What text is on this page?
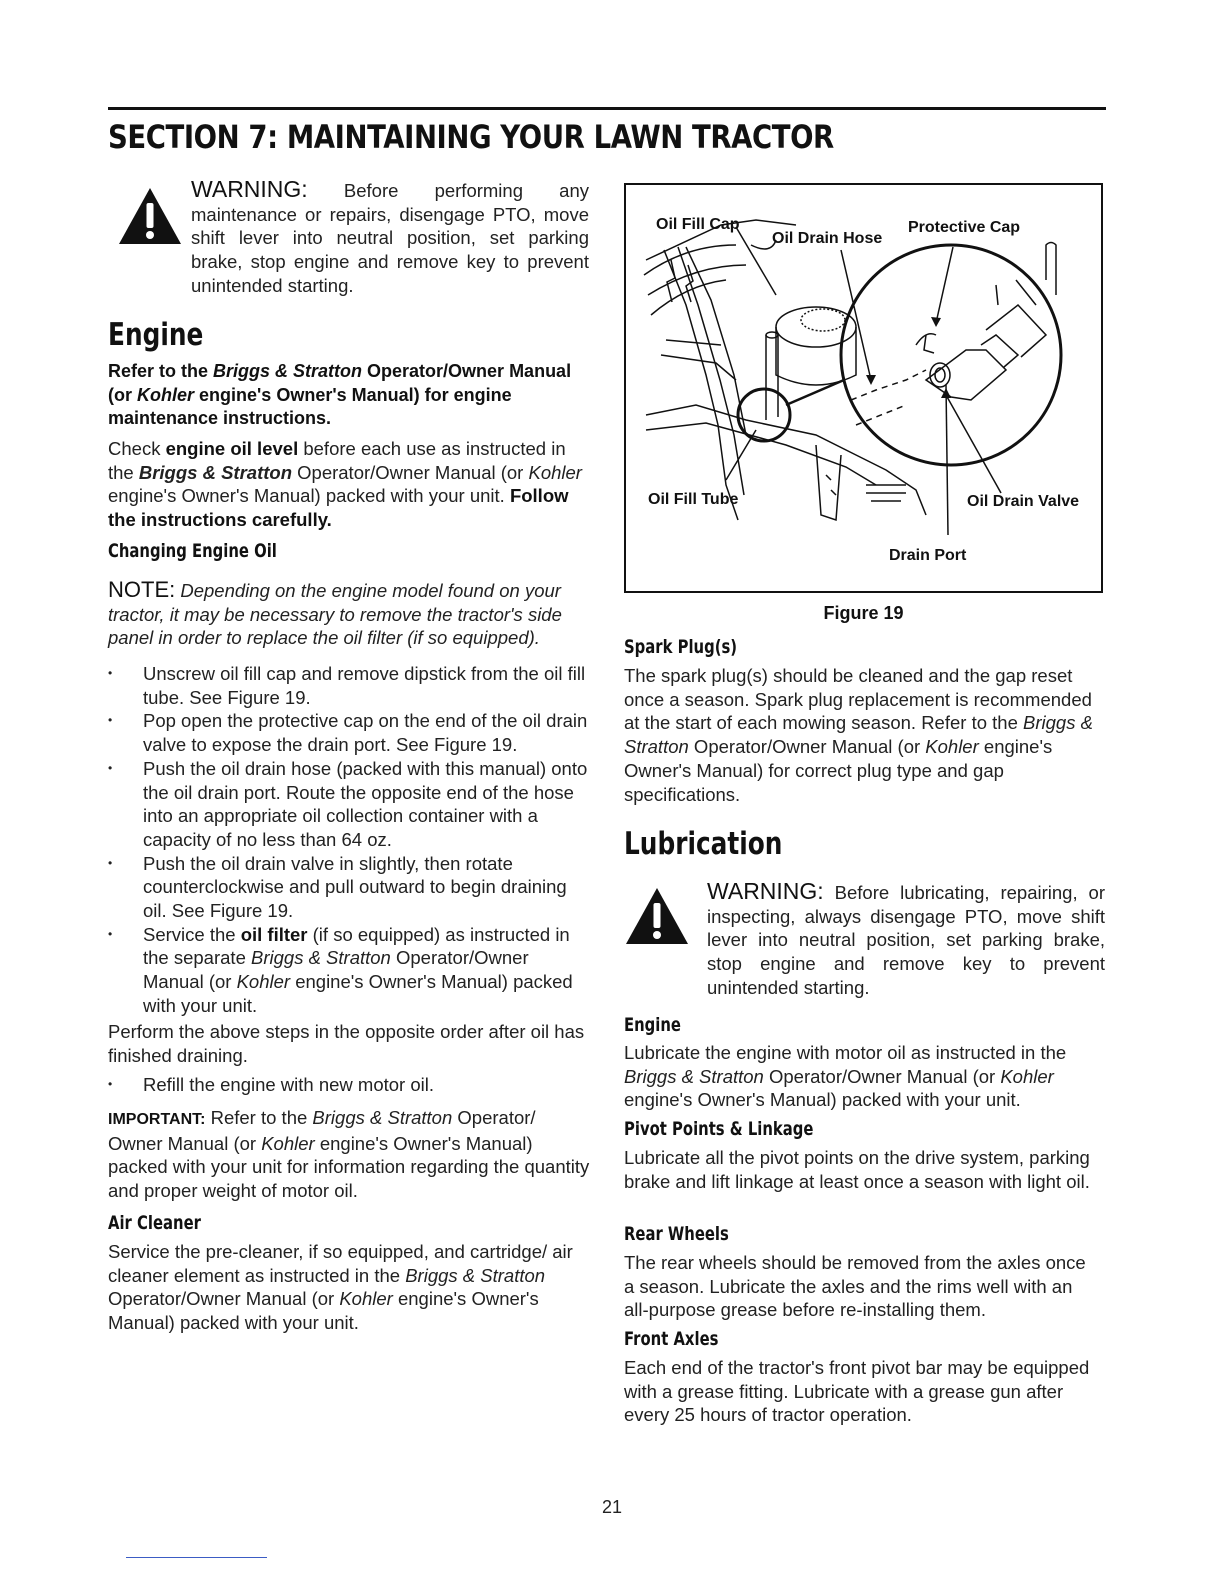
SECTION 7: MAINTAINING YOUR LAWN TRACTOR

WARNING: Before performing any maintenance or repairs, disengage PTO, move shift lever into neutral position, set parking brake, stop engine and remove key to prevent unintended starting.

Engine

Refer to the Briggs & Stratton Operator/Owner Manual (or Kohler engine's Owner's Manual) for engine maintenance instructions.

Check engine oil level before each use as instructed in the Briggs & Stratton Operator/Owner Manual (or Kohler engine's Owner's Manual) packed with your unit. Follow the instructions carefully.

Changing Engine Oil

NOTE: Depending on the engine model found on your tractor, it may be necessary to remove the tractor's side panel in order to replace the oil filter (if so equipped).

• Unscrew oil fill cap and remove dipstick from the oil fill tube. See Figure 19.
• Pop open the protective cap on the end of the oil drain valve to expose the drain port. See Figure 19.
• Push the oil drain hose (packed with this manual) onto the oil drain port. Route the opposite end of the hose into an appropriate oil collection container with a capacity of no less than 64 oz.
• Push the oil drain valve in slightly, then rotate counterclockwise and pull outward to begin draining oil. See Figure 19.
• Service the oil filter (if so equipped) as instructed in the separate Briggs & Stratton Operator/Owner Manual (or Kohler engine's Owner's Manual) packed with your unit.

Perform the above steps in the opposite order after oil has finished draining.

• Refill the engine with new motor oil.

IMPORTANT: Refer to the Briggs & Stratton Operator/ Owner Manual (or Kohler engine's Owner's Manual) packed with your unit for information regarding the quantity and proper weight of motor oil.

Air Cleaner

Service the pre-cleaner, if so equipped, and cartridge/ air cleaner element as instructed in the Briggs & Stratton Operator/Owner Manual (or Kohler engine's Owner's Manual) packed with your unit.

Oil Fill Cap
Oil Drain Hose
Protective Cap
Oil Fill Tube	Oil Drain Valve
Drain Port
Figure 19
Spark Plug(s)

The spark plug(s) should be cleaned and the gap reset once a season. Spark plug replacement is recommended at the start of each mowing season. Refer to the Briggs & Stratton Operator/Owner Manual (or Kohler engine's Owner's Manual) for correct plug type and gap specifications.

Lubrication

WARNING: Before lubricating, repairing, or inspecting, always disengage PTO, move shift lever into neutral position, set parking brake, stop engine and remove key to prevent unintended starting.

Engine

Lubricate the engine with motor oil as instructed in the Briggs & Stratton Operator/Owner Manual (or Kohler engine's Owner's Manual) packed with your unit.

Pivot Points & Linkage

Lubricate all the pivot points on the drive system, parking brake and lift linkage at least once a season with light oil.

Rear Wheels

The rear wheels should be removed from the axles once a season. Lubricate the axles and the rims well with an all-purpose grease before re-installing them.

Front Axles

Each end of the tractor's front pivot bar may be equipped with a grease fitting. Lubricate with a grease gun after every 25 hours of tractor operation.

21
